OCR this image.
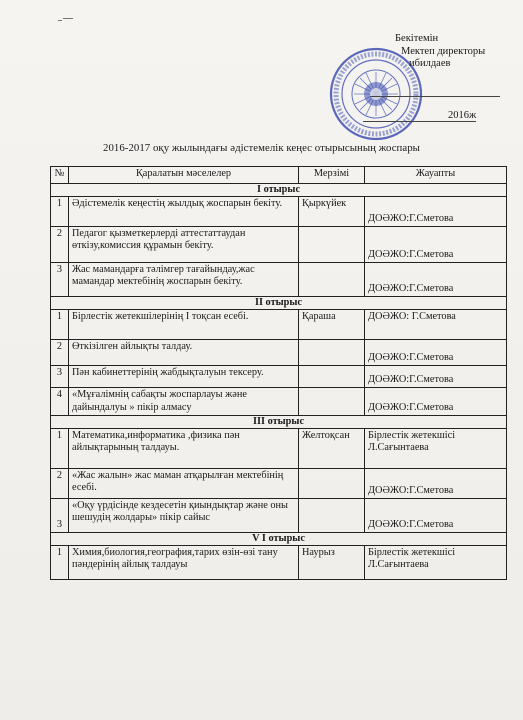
Бекітемін
Мектеп директоры
ибилдаев
2016ж
2016-2017 оқу жылындағы әдістемелік кеңес отырысының жоспары
№	Қаралатын мәселелер	Мерзімі	Жауапты
I отырыс			
1	Әдістемелік кеңестің жылдық жоспарын бекіту.	Қыркүйек	ДОӘЖО:Г.Сметова
2	Педагог қызметкерлерді аттестаттаудан өткізу,комиссия құрамын бекіту.		ДОӘЖО:Г.Сметова
3	Жас мамандарға тәлімгер тағайындау,жас мамандар мектебінің жоспарын бекіту.		ДОӘЖО:Г.Сметова
II отырыс			
1	Бірлестік жетекшілерінің I тоқсан есебі.	Қараша	ДОӘЖО: Г.Сметова
2	Өткізілген айлықты талдау.		ДОӘЖО:Г.Сметова
3	Пән кабинеттерінің жабдықталуын тексеру.		ДОӘЖО:Г.Сметова
4	«Мұғалімнің сабақты жоспарлауы және дайындалуы » пікір алмасу		ДОӘЖО:Г.Сметова
III отырыс			
1	Математика,информатика ,физика пән айлықтарының талдауы.	Желтоқсан	Бірлестік жетекшісі Л.Сағынтаева
2	«Жас жалын» жас маман атқарылған мектебінің есебі.		ДОӘЖО:Г.Сметова
3	«Оқу үрдісінде кездесетін қиындықтар және оны шешудің жолдары» пікір сайыс		ДОӘЖО:Г.Сметова
V I отырыс			
1	Химия,биология,география,тарих өзін-өзі тану пәндерінің айлық талдауы	Наурыз	Бірлестік жетекшісі Л.Сағынтаева
